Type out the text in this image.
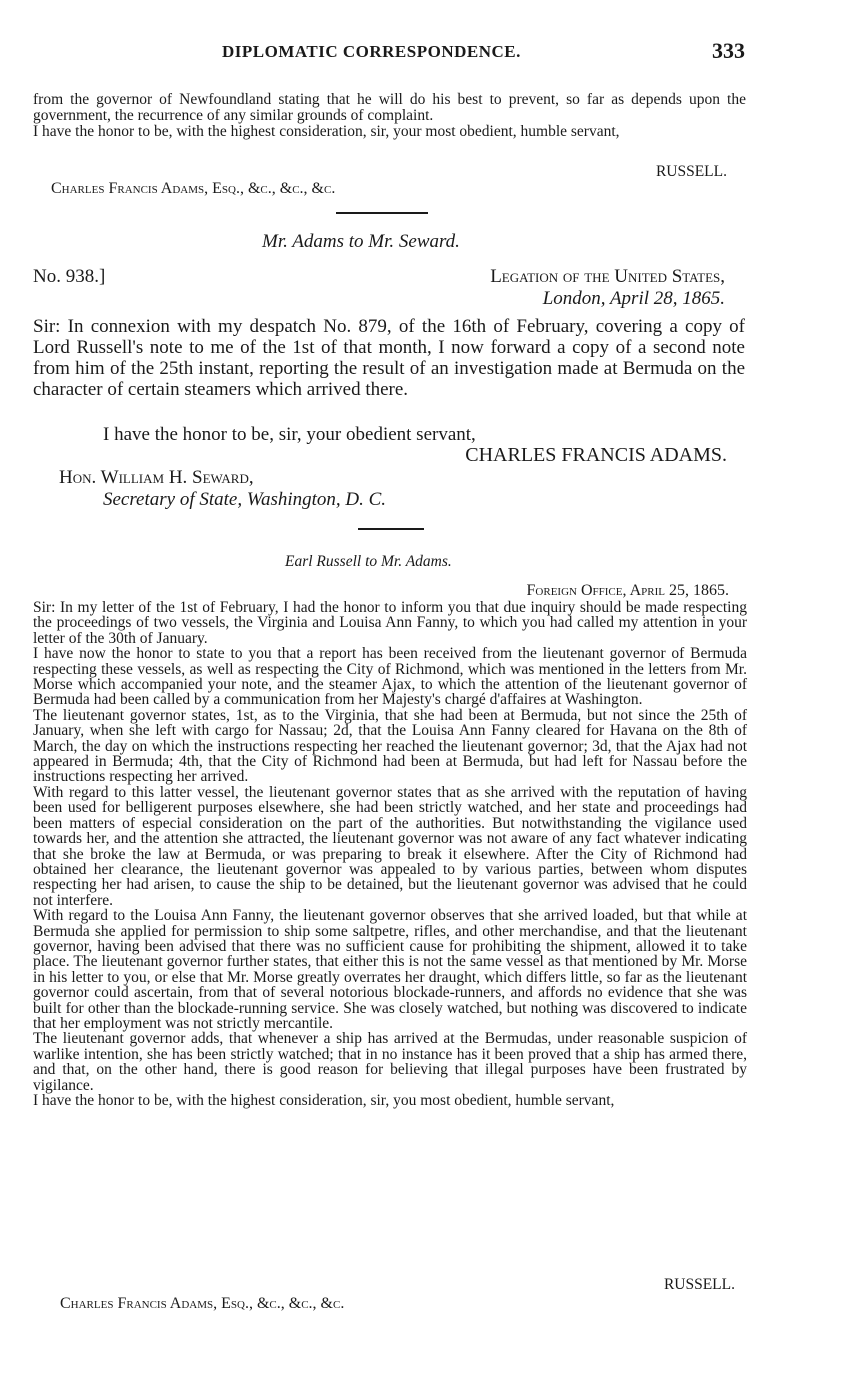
DIPLOMATIC CORRESPONDENCE.	333

from the governor of Newfoundland stating that he will do his best to prevent, so far as depends upon the government, the recurrence of any similar grounds of complaint.

I have the honor to be, with the highest consideration, sir, your most obedient, humble servant,

RUSSELL.
Charles Francis Adams, Esq., &c., &c., &c.
Mr. Adams to Mr. Seward.
No. 938.]	Legation of the United States,
London, April 28, 1865.
Sir: In connexion with my despatch No. 879, of the 16th of February, covering a copy of Lord Russell's note to me of the 1st of that month, I now forward a copy of a second note from him of the 25th instant, reporting the result of an investigation made at Bermuda on the character of certain steamers which arrived there.
I have the honor to be, sir, your obedient servant,
CHARLES FRANCIS ADAMS.
Hon. William H. Seward,
Secretary of State, Washington, D. C.
Earl Russell to Mr. Adams.
Foreign Office, April 25, 1865.

Sir: In my letter of the 1st of February, I had the honor to inform you that due inquiry should be made respecting the proceedings of two vessels, the Virginia and Louisa Ann Fanny, to which you had called my attention in your letter of the 30th of January.

I have now the honor to state to you that a report has been received from the lieutenant governor of Bermuda respecting these vessels, as well as respecting the City of Richmond, which was mentioned in the letters from Mr. Morse which accompanied your note, and the steamer Ajax, to which the attention of the lieutenant governor of Bermuda had been called by a communication from her Majesty's chargé d'affaires at Washington.

The lieutenant governor states, 1st, as to the Virginia, that she had been at Bermuda, but not since the 25th of January, when she left with cargo for Nassau; 2d, that the Louisa Ann Fanny cleared for Havana on the 8th of March, the day on which the instructions respecting her reached the lieutenant governor; 3d, that the Ajax had not appeared in Bermuda; 4th, that the City of Richmond had been at Bermuda, but had left for Nassau before the instructions respecting her arrived.

With regard to this latter vessel, the lieutenant governor states that as she arrived with the reputation of having been used for belligerent purposes elsewhere, she had been strictly watched, and her state and proceedings had been matters of especial consideration on the part of the authorities. But notwithstanding the vigilance used towards her, and the attention she attracted, the lieutenant governor was not aware of any fact whatever indicating that she broke the law at Bermuda, or was preparing to break it elsewhere. After the City of Richmond had obtained her clearance, the lieutenant governor was appealed to by various parties, between whom disputes respecting her had arisen, to cause the ship to be detained, but the lieutenant governor was advised that he could not interfere.

With regard to the Louisa Ann Fanny, the lieutenant governor observes that she arrived loaded, but that while at Bermuda she applied for permission to ship some saltpetre, rifles, and other merchandise, and that the lieutenant governor, having been advised that there was no sufficient cause for prohibiting the shipment, allowed it to take place. The lieutenant governor further states, that either this is not the same vessel as that mentioned by Mr. Morse in his letter to you, or else that Mr. Morse greatly overrates her draught, which differs little, so far as the lieutenant governor could ascertain, from that of several notorious blockade-runners, and affords no evidence that she was built for other than the blockade-running service. She was closely watched, but nothing was discovered to indicate that her employment was not strictly mercantile.

The lieutenant governor adds, that whenever a ship has arrived at the Bermudas, under reasonable suspicion of warlike intention, she has been strictly watched; that in no instance has it been proved that a ship has armed there, and that, on the other hand, there is good reason for believing that illegal purposes have been frustrated by vigilance.

I have the honor to be, with the highest consideration, sir, you most obedient, humble servant,

RUSSELL.
Charles Francis Adams, Esq., &c., &c., &c.
